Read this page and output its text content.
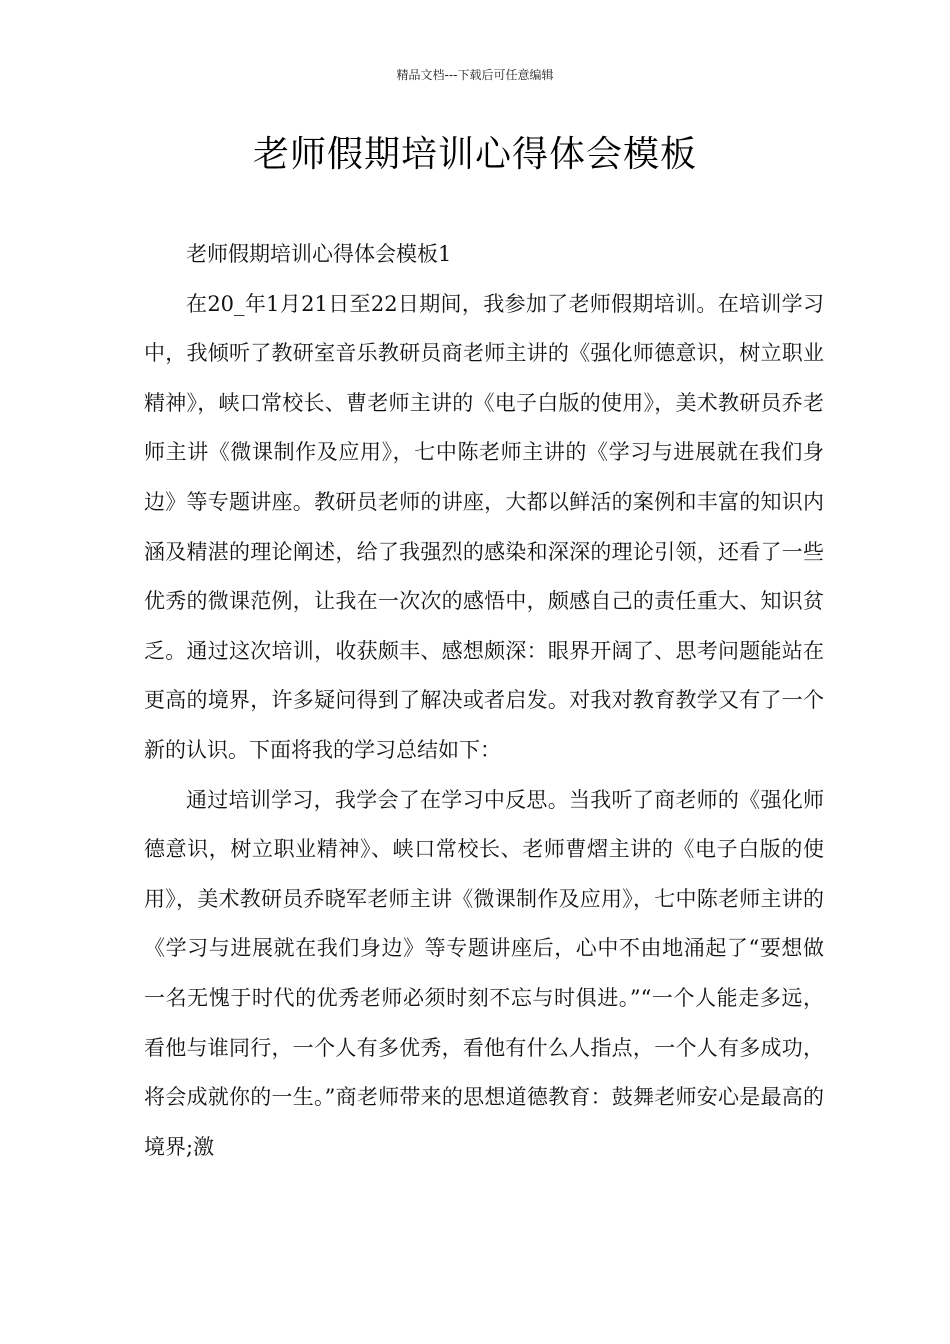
精品文档---下载后可任意编辑
老师假期培训心得体会模板

老师假期培训心得体会模板1

在20_年1月21日至22日期间，我参加了老师假期培训。在培训学习中，我倾听了教研室音乐教研员商老师主讲的《强化师德意识，树立职业精神》，峡口常校长、曹老师主讲的《电子白版的使用》，美术教研员乔老师主讲《微课制作及应用》，七中陈老师主讲的《学习与进展就在我们身边》等专题讲座。教研员老师的讲座，大都以鲜活的案例和丰富的知识内涵及精湛的理论阐述，给了我强烈的感染和深深的理论引领，还看了一些优秀的微课范例，让我在一次次的感悟中，颇感自己的责任重大、知识贫乏。通过这次培训，收获颇丰、感想颇深：眼界开阔了、思考问题能站在更高的境界，许多疑问得到了解决或者启发。对我对教育教学又有了一个新的认识。下面将我的学习总结如下：

通过培训学习，我学会了在学习中反思。当我听了商老师的《强化师德意识，树立职业精神》、峡口常校长、老师曹熠主讲的《电子白版的使用》，美术教研员乔晓军老师主讲《微课制作及应用》，七中陈老师主讲的《学习与进展就在我们身边》等专题讲座后，心中不由地涌起了“要想做一名无愧于时代的优秀老师必须时刻不忘与时俱进。”“一个人能走多远，看他与谁同行，一个人有多优秀，看他有什么人指点，一个人有多成功，将会成就你的一生。”商老师带来的思想道德教育：鼓舞老师安心是最高的境界;激
